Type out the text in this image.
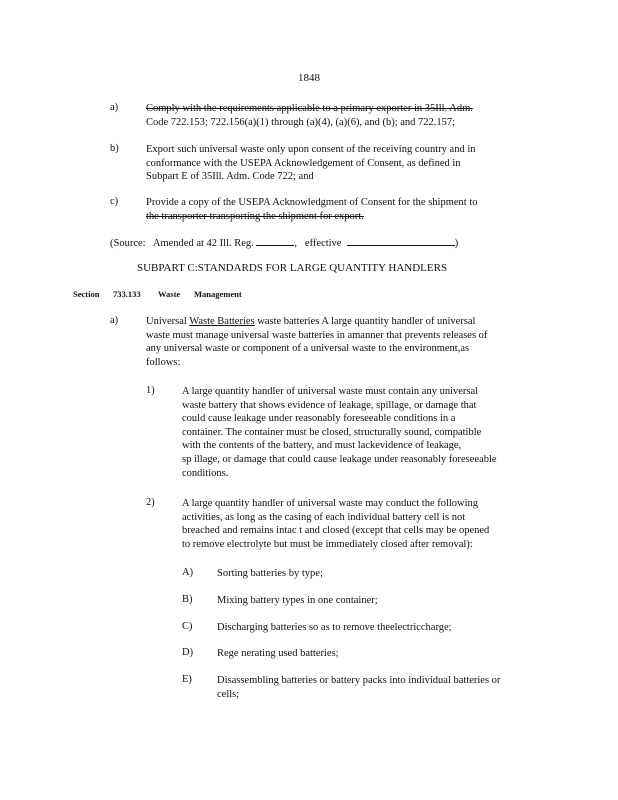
1848
a)	Comply with the requirements applicable to a primary exporter in 35Ill. Adm.
Code 722.153; 722.156(a)(1) through (a)(4), (a)(6), and (b); and 722.157;
b)	Export such universal waste only upon consent of the receiving country and in
conformance with the USEPA Acknowledgement of Consent, as defined in
Subpart E of 35Ill. Adm. Code 722; and
c)	Provide a copy of the USEPA Acknowledgment of Consent for the shipment to
the transporter transporting the shipment for export.
(Source: Amended at 42 Ill. Reg.	,   effective	)
SUBPART C:STANDARDS FOR LARGE QUANTITY HANDLERS
Section 733.133 Waste Management
a)	Universal Waste Batteries waste batteries A large quantity handler of universal
waste must manage universal waste batteries in amanner that prevents releases of
any universal waste or component of a universal waste to the environment,as
follows:
1)	A large quantity handler of universal waste must contain any universal
waste battery that shows evidence of leakage, spillage, or damage that
could cause leakage under reasonably foreseeable conditions in a
container. The container must be closed, structurally sound, compatible
with the contents of the battery, and must lackevidence of leakage,
sp illage, or damage that could cause leakage under reasonably foreseeable
conditions.
2)	A large quantity handler of universal waste may conduct the following
activities, as long as the casing of each individual battery cell is not
breached and remains intac t and closed (except that cells may be opened
to remove electrolyte but must be immediately closed after removal):
A) Sorting batteries by type;
B) Mixing battery types in one container;
C) Discharging batteries so as to remove theelectriccharge;
D) Rege nerating used batteries;
E) Disassembling batteries or battery packs into individual batteries or
cells;
